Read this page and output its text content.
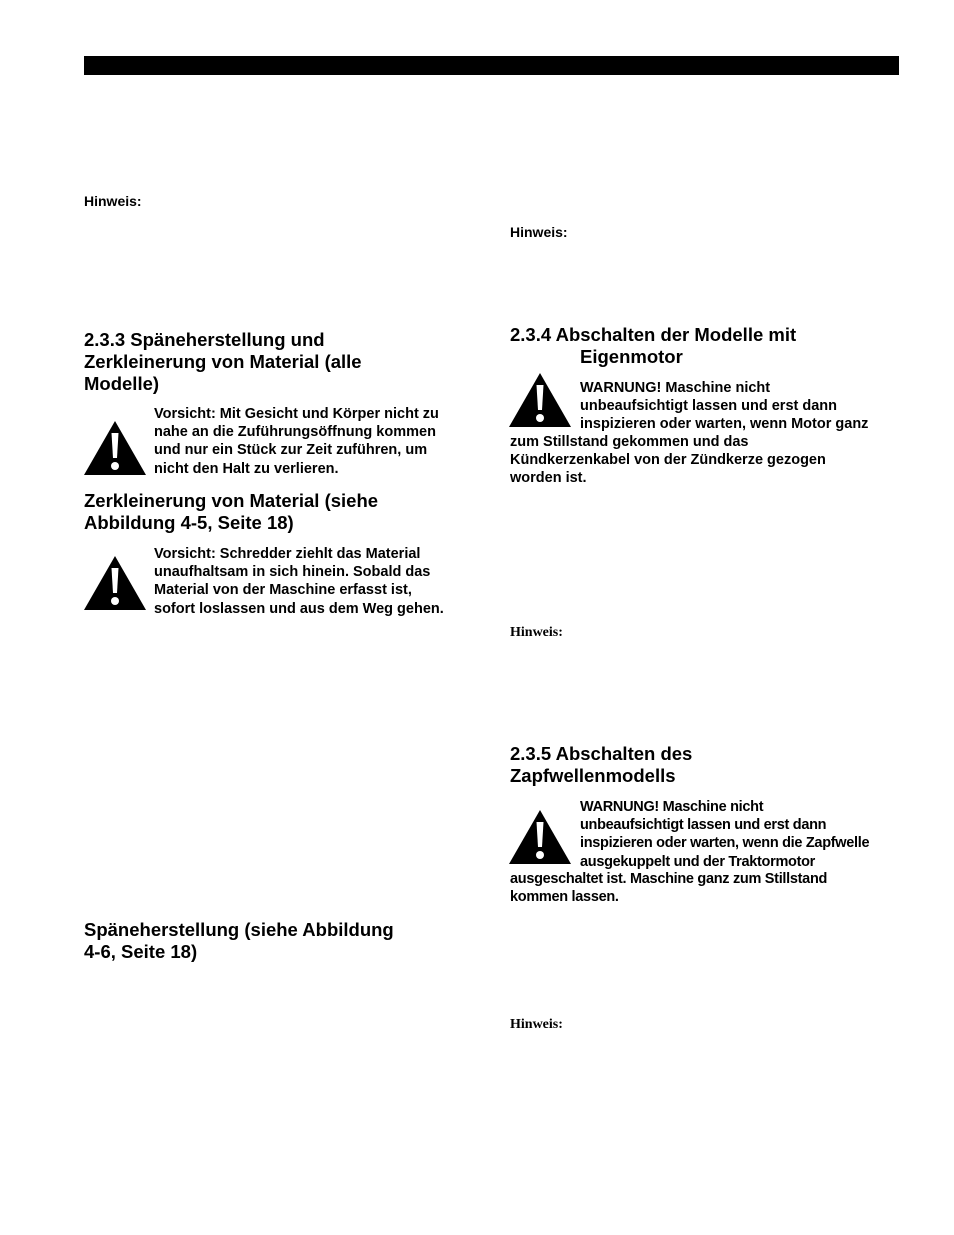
Hinweis:
2.3.3 Späneherstellung und
Zerkleinerung von Material (alle
Modelle)
Vorsicht: Mit Gesicht und Körper nicht zu
nahe an die Zuführungsöffnung kommen
und nur ein Stück zur Zeit zuführen, um
nicht den Halt zu verlieren.
Zerkleinerung von Material (siehe
Abbildung 4-5, Seite 18)
Vorsicht: Schredder ziehlt das Material
unaufhaltsam in sich hinein. Sobald das
Material von der Maschine erfasst ist,
sofort loslassen und aus dem Weg gehen.
Späneherstellung (siehe Abbildung
4-6, Seite 18)
Hinweis:
2.3.4 Abschalten der Modelle mit
Eigenmotor
WARNUNG! Maschine nicht
unbeaufsichtigt lassen und erst dann
inspizieren oder warten, wenn Motor ganz
zum Stillstand gekommen und das
Kündkerzenkabel von der Zündkerze gezogen
worden ist.
Hinweis:
2.3.5 Abschalten des
Zapfwellenmodells
WARNUNG! Maschine nicht
unbeaufsichtigt lassen und erst dann
inspizieren oder warten, wenn die Zapfwelle
ausgekuppelt und der Traktormotor
ausgeschaltet ist. Maschine ganz zum Stillstand
kommen lassen.
Hinweis:
